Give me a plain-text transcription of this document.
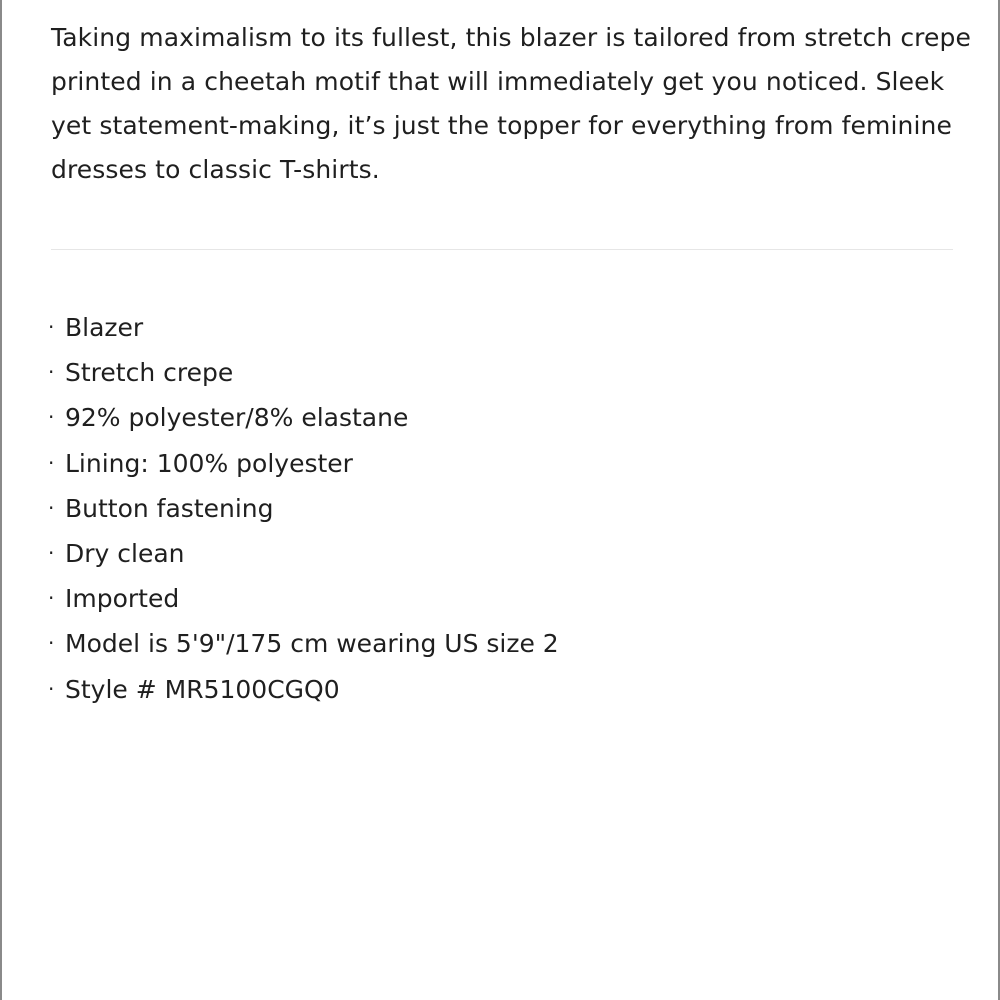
Taking maximalism to its fullest, this blazer is tailored from stretch crepe printed in a cheetah motif that will immediately get you noticed. Sleek yet statement-making, it’s just the topper for everything from feminine dresses to classic T-shirts.

· Blazer
· Stretch crepe
· 92% polyester/8% elastane
· Lining: 100% polyester
· Button fastening
· Dry clean
· Imported
· Model is 5'9"/175 cm wearing US size 2
· Style # MR5100CGQ0
